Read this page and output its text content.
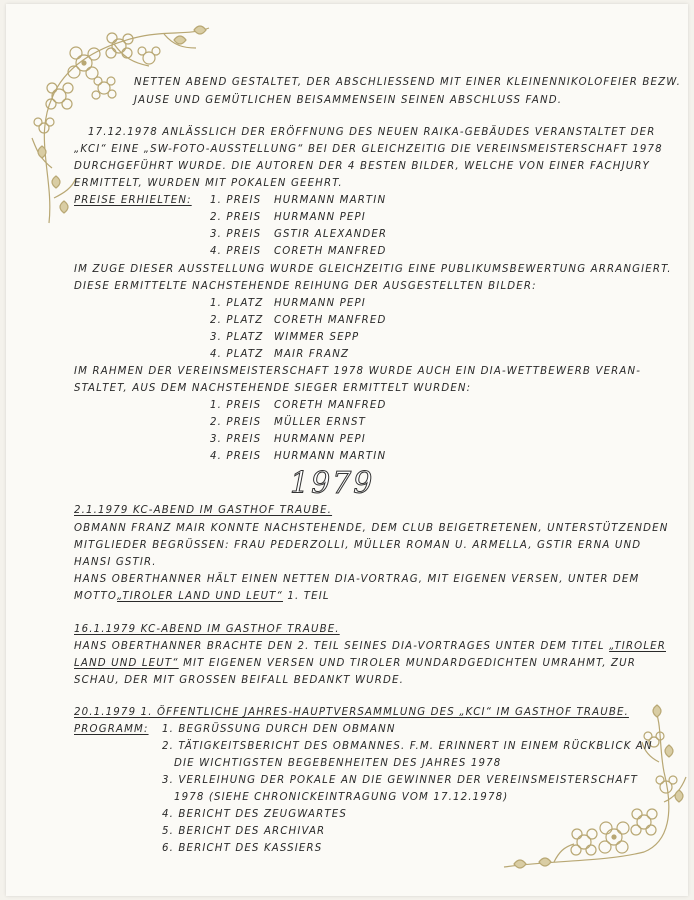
NETTEN ABEND GESTALTET, DER ABSCHLIESSEND MIT EINER KLEINENNIKOLOFEIER BEZW.
JAUSE UND GEMÜTLICHEN BEISAMMENSEIN SEINEN ABSCHLUSS FAND.
17.12.1978 ANLÄSSLICH DER ERÖFFNUNG DES NEUEN RAIKA-GEBÄUDES VERANSTALTET DER
„KCI“ EINE „SW-FOTO-AUSSTELLUNG“ BEI DER GLEICHZEITIG DIE VEREINSMEISTERSCHAFT 1978
DURCHGEFÜHRT WURDE. DIE AUTOREN DER 4 BESTEN BILDER, WELCHE VON EINER FACHJURY
ERMITTELT, WURDEN MIT POKALEN GEEHRT.
PREISE ERHIELTEN: 1. PREIS HURMANN MARTIN
2. PREIS HURMANN PEPI
3. PREIS GSTIR ALEXANDER
4. PREIS CORETH MANFRED
IM ZUGE DIESER AUSSTELLUNG WURDE GLEICHZEITIG EINE PUBLIKUMSBEWERTUNG ARRANGIERT.
DIESE ERMITTELTE NACHSTEHENDE REIHUNG DER AUSGESTELLTEN BILDER:
1. PLATZ HURMANN PEPI
2. PLATZ CORETH MANFRED
3. PLATZ WIMMER SEPP
4. PLATZ MAIR FRANZ
IM RAHMEN DER VEREINSMEISTERSCHAFT 1978 WURDE AUCH EIN DIA-WETTBEWERB VERAN-
STALTET, AUS DEM NACHSTEHENDE SIEGER ERMITTELT WURDEN:
1. PREIS CORETH MANFRED
2. PREIS MÜLLER ERNST
3. PREIS HURMANN PEPI
4. PREIS HURMANN MARTIN
1979
2.1.1979 KC-ABEND IM GASTHOF TRAUBE.
OBMANN FRANZ MAIR KONNTE NACHSTEHENDE, DEM CLUB BEIGETRETENEN, UNTERSTÜTZENDEN
MITGLIEDER BEGRÜSSEN: FRAU PEDERZOLLI, MÜLLER ROMAN U. ARMELLA, GSTIR ERNA UND
HANSI GSTIR.
HANS OBERTHANNER HÄLT EINEN NETTEN DIA-VORTRAG, MIT EIGENEN VERSEN, UNTER DEM
MOTTO„TIROLER LAND UND LEUT“ 1. TEIL
16.1.1979 KC-ABEND IM GASTHOF TRAUBE.
HANS OBERTHANNER BRACHTE DEN 2. TEIL SEINES DIA-VORTRAGES UNTER DEM TITEL „TIROLER
LAND UND LEUT“ MIT EIGENEN VERSEN UND TIROLER MUNDARDGEDICHTEN UMRAHMT, ZUR
SCHAU, DER MIT GROSSEN BEIFALL BEDANKT WURDE.
20.1.1979 1. ÖFFENTLICHE JAHRES-HAUPTVERSAMMLUNG DES „KCI“ IM GASTHOF TRAUBE.
PROGRAMM: 1. BEGRÜSSUNG DURCH DEN OBMANN
2. TÄTIGKEITSBERICHT DES OBMANNES. F.M. ERINNERT IN EINEM RÜCKBLICK AN
DIE WICHTIGSTEN BEGEBENHEITEN DES JAHRES 1978
3. VERLEIHUNG DER POKALE AN DIE GEWINNER DER VEREINSMEISTERSCHAFT
1978 (SIEHE CHRONICKEINTRAGUNG VOM 17.12.1978)
4. BERICHT DES ZEUGWARTES
5. BERICHT DES ARCHIVAR
6. BERICHT DES KASSIERS
